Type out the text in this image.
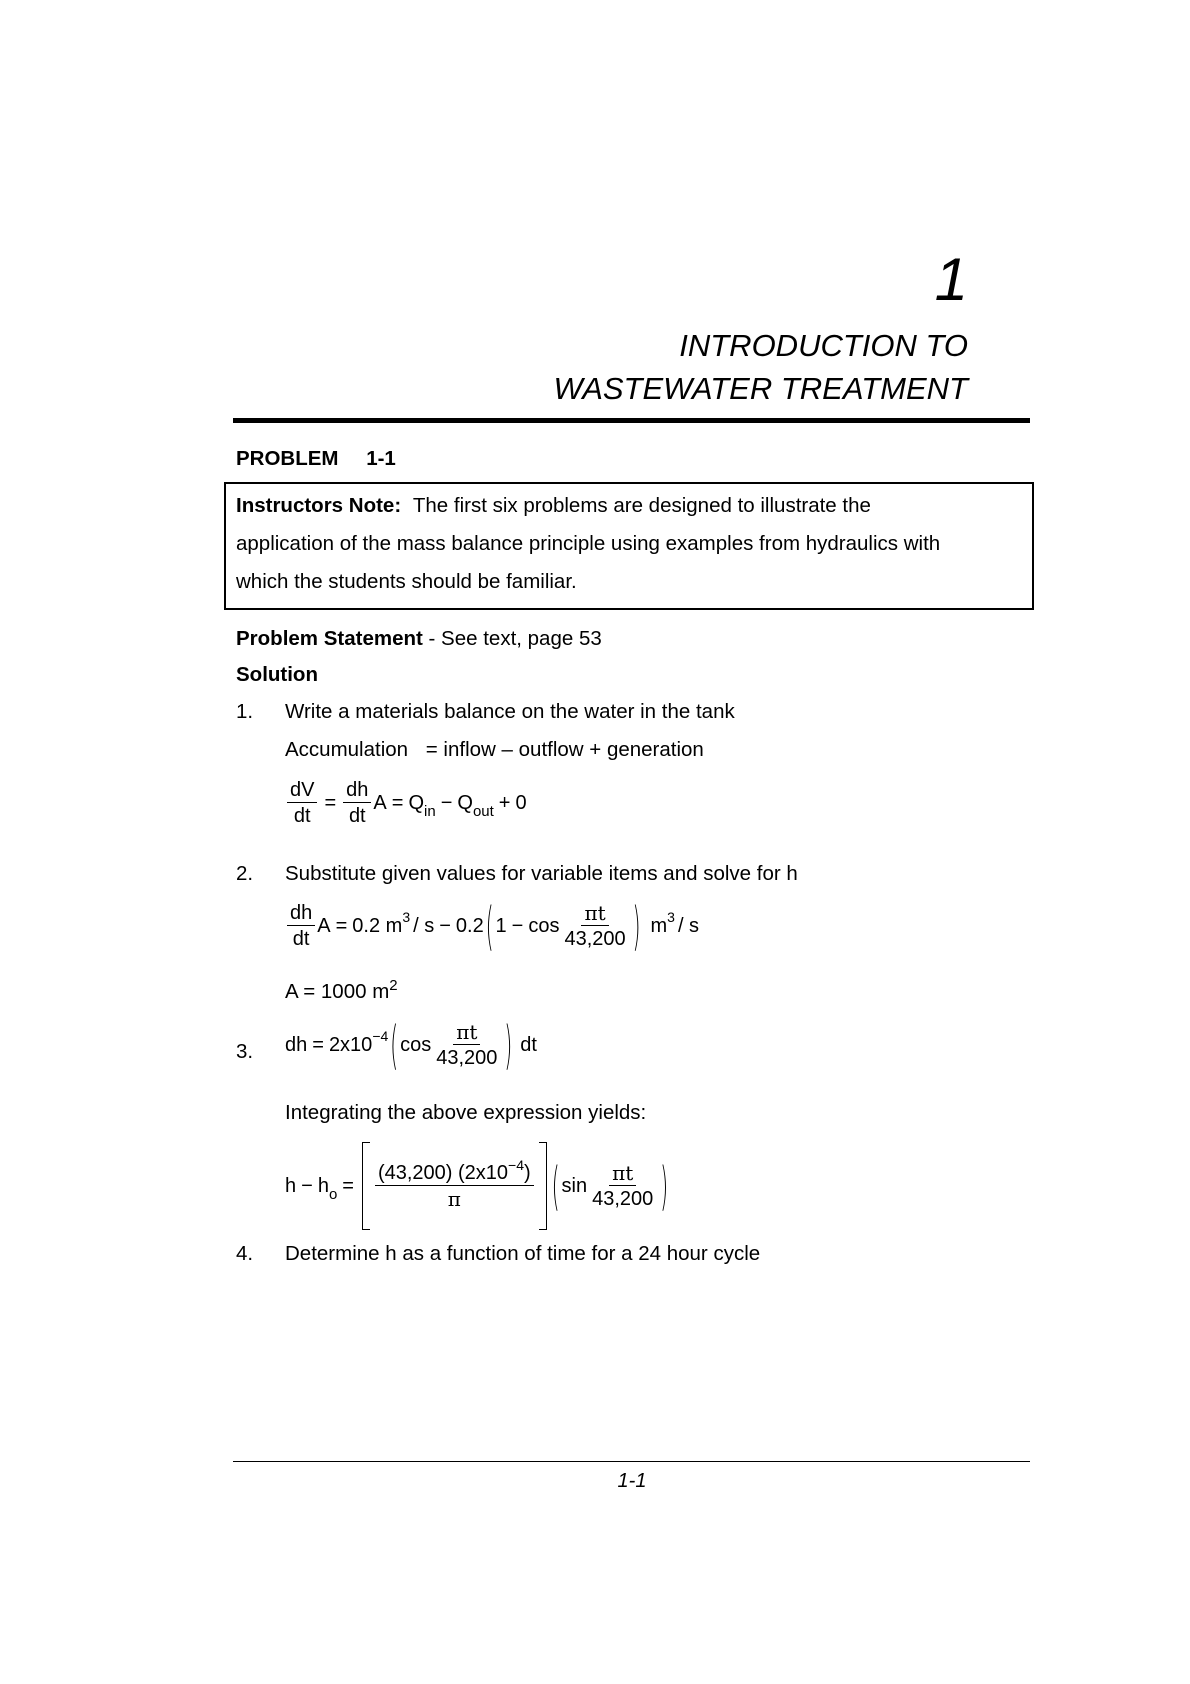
1
INTRODUCTION TO
WASTEWATER TREATMENT
PROBLEM 1-1
Instructors Note: The first six problems are designed to illustrate the
application of the mass balance principle using examples from hydraulics with
which the students should be familiar.
Problem Statement - See text, page 53
Solution
1. Write a materials balance on the water in the tank
Accumulation = inflow – outflow + generation
$\frac{dV}{dt} = \frac{dh}{dt}$ A = Q in − Q out + 0
2. Substitute given values for variable items and solve for h
$\frac{dh}{dt}$ A = 0.2 m 3 / s − 0.2 ( $1 - \cos \frac{\pi t}{43,200}$ ) m 3 / s
A = 1000 $m^2$
3. dh = 2x10 −4 ( $\cos \frac{\pi t}{43,200}$ ) dt
Integrating the above expression yields:
h − h $o = \frac{(43,200) (2x10^{-4})}{\pi}$ ( $\sin \frac{\pi t}{43,200}$ )
4. Determine h as a function of time for a 24 hour cycle
1-1
